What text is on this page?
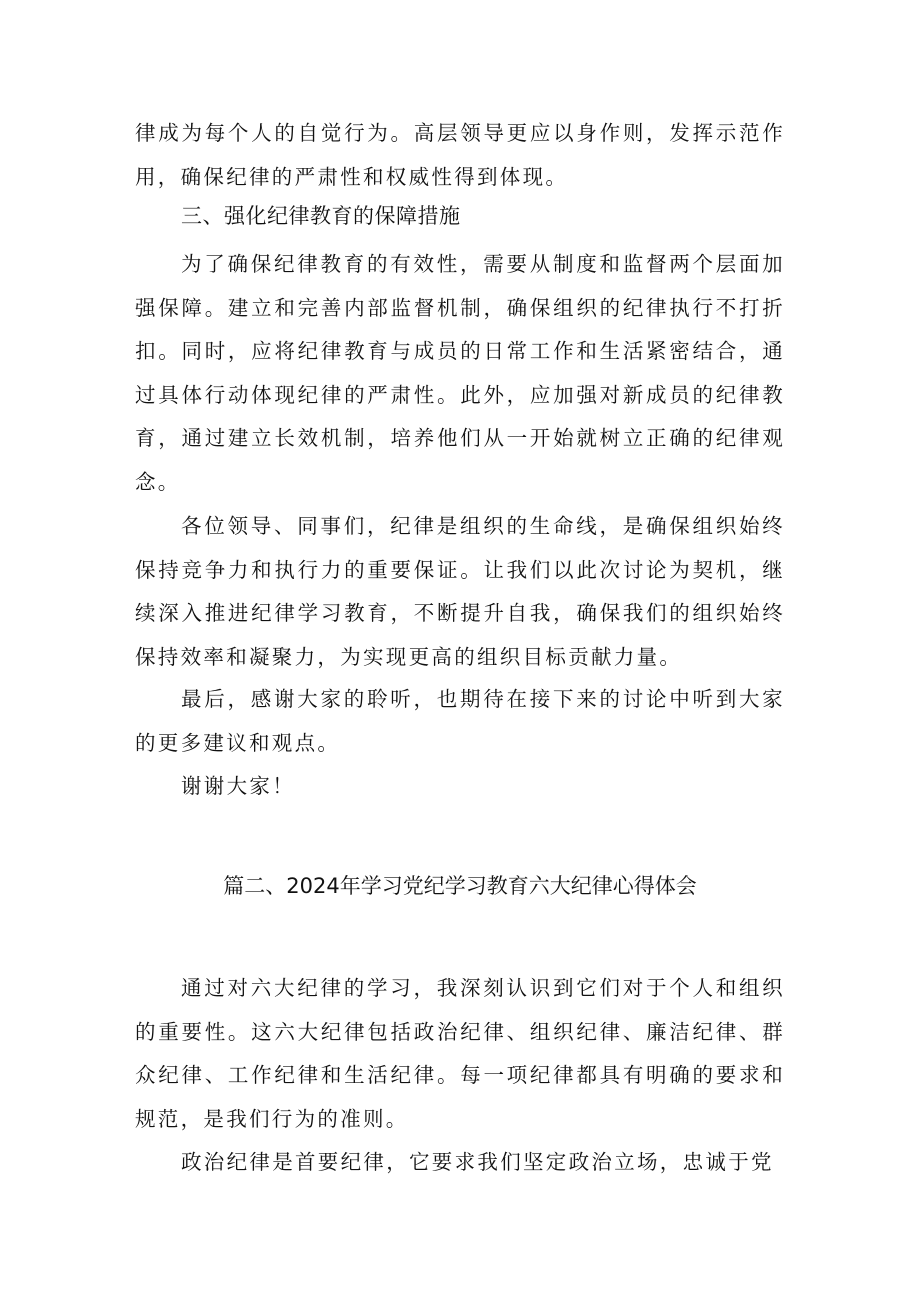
律成为每个人的自觉行为。高层领导更应以身作则，发挥示范作用，确保纪律的严肃性和权威性得到体现。

三、强化纪律教育的保障措施

为了确保纪律教育的有效性，需要从制度和监督两个层面加强保障。建立和完善内部监督机制，确保组织的纪律执行不打折扣。同时，应将纪律教育与成员的日常工作和生活紧密结合，通过具体行动体现纪律的严肃性。此外，应加强对新成员的纪律教育，通过建立长效机制，培养他们从一开始就树立正确的纪律观念。

各位领导、同事们，纪律是组织的生命线，是确保组织始终保持竞争力和执行力的重要保证。让我们以此次讨论为契机，继续深入推进纪律学习教育，不断提升自我，确保我们的组织始终保持效率和凝聚力，为实现更高的组织目标贡献力量。

最后，感谢大家的聆听，也期待在接下来的讨论中听到大家的更多建议和观点。

谢谢大家！

篇二、2024年学习党纪学习教育六大纪律心得体会

通过对六大纪律的学习，我深刻认识到它们对于个人和组织的重要性。这六大纪律包括政治纪律、组织纪律、廉洁纪律、群众纪律、工作纪律和生活纪律。每一项纪律都具有明确的要求和规范，是我们行为的准则。

政治纪律是首要纪律，它要求我们坚定政治立场，忠诚于党
